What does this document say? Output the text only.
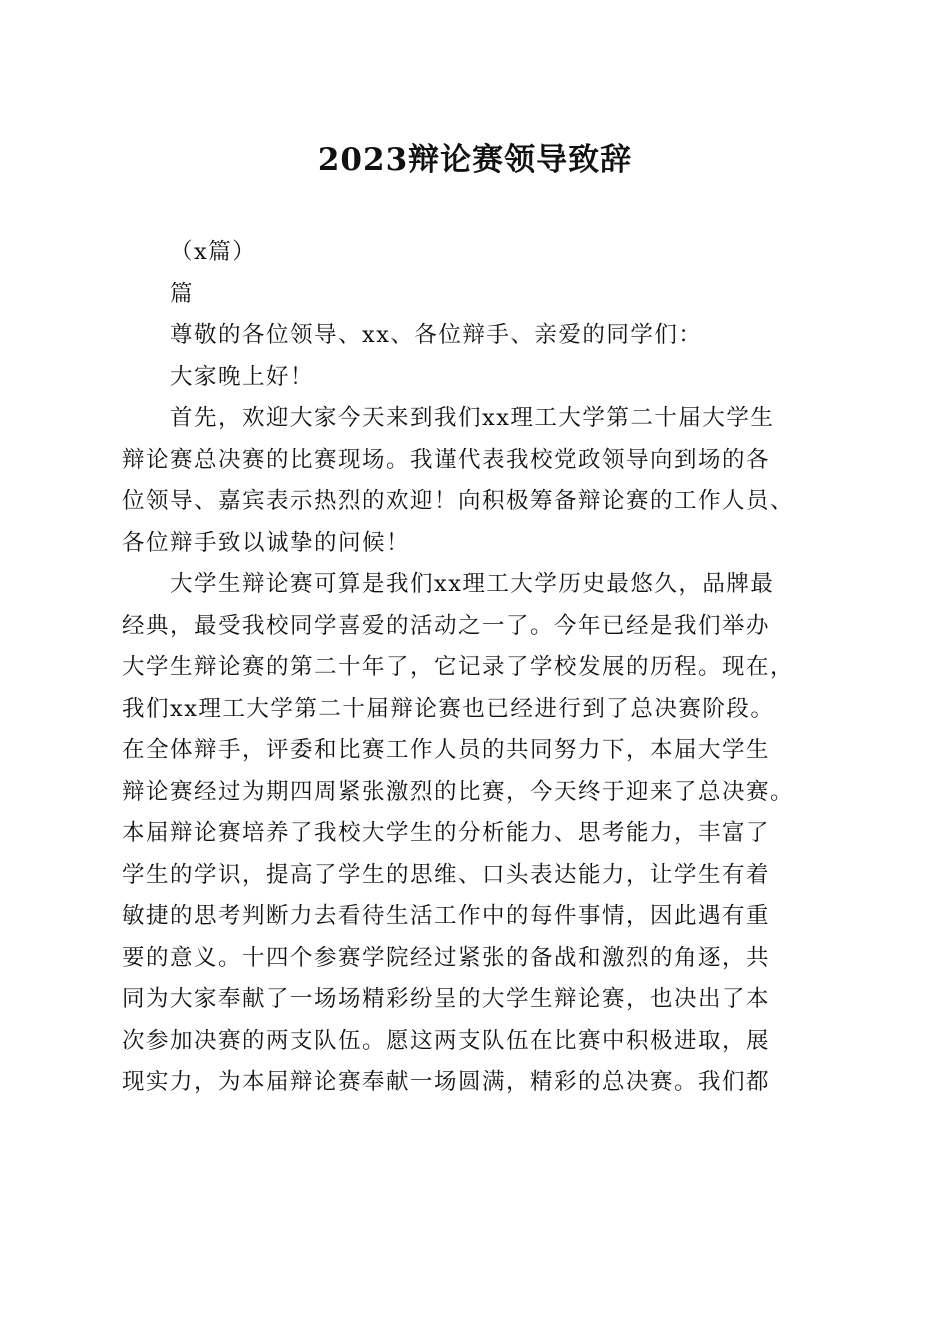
2023辩论赛领导致辞
（x篇）
篇
尊敬的各位领导、xx、各位辩手、亲爱的同学们：
大家晚上好！
首先，欢迎大家今天来到我们xx理工大学第二十届大学生
辩论赛总决赛的比赛现场。我谨代表我校党政领导向到场的各
位领导、嘉宾表示热烈的欢迎！向积极筹备辩论赛的工作人员、
各位辩手致以诚挚的问候！
大学生辩论赛可算是我们xx理工大学历史最悠久，品牌最
经典，最受我校同学喜爱的活动之一了。今年已经是我们举办
大学生辩论赛的第二十年了，它记录了学校发展的历程。现在，
我们xx理工大学第二十届辩论赛也已经进行到了总决赛阶段。
在全体辩手，评委和比赛工作人员的共同努力下，本届大学生
辩论赛经过为期四周紧张激烈的比赛，今天终于迎来了总决赛。
本届辩论赛培养了我校大学生的分析能力、思考能力，丰富了
学生的学识，提高了学生的思维、口头表达能力，让学生有着
敏捷的思考判断力去看待生活工作中的每件事情，因此遇有重
要的意义。十四个参赛学院经过紧张的备战和激烈的角逐，共
同为大家奉献了一场场精彩纷呈的大学生辩论赛，也决出了本
次参加决赛的两支队伍。愿这两支队伍在比赛中积极进取，展
现实力，为本届辩论赛奉献一场圆满，精彩的总决赛。我们都
